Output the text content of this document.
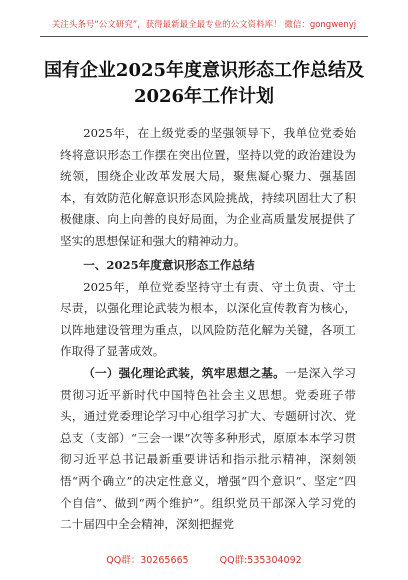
关注头条号“公文研究”，获得最新最全最专业的公文资料库！ 微信：gongwenyj
国有企业2025年度意识形态工作总结及
2026年工作计划

2025年，在上级党委的坚强领导下，我单位党委始终将意识形态工作摆在突出位置，坚持以党的政治建设为统领，围绕企业改革发展大局，聚焦凝心聚力、强基固本，有效防范化解意识形态风险挑战，持续巩固壮大了积极健康、向上向善的良好局面，为企业高质量发展提供了坚实的思想保证和强大的精神动力。

一、2025年度意识形态工作总结

2025年，单位党委坚持守土有责、守土负责、守土尽责，以强化理论武装为根本，以深化宣传教育为核心，以阵地建设管理为重点，以风险防范化解为关键，各项工作取得了显著成效。

（一）强化理论武装，筑牢思想之基。一是深入学习贯彻习近平新时代中国特色社会主义思想。党委班子带头，通过党委理论学习中心组学习扩大、专题研讨次、党总支（支部）“三会一课”次等多种形式，原原本本学习贯彻习近平总书记最新重要讲话和指示批示精神，深刻领悟“两个确立”的决定性意义，增强“四个意识”、坚定“四个自信”、做到“两个维护”。组织党员干部深入学习党的二十届四中全会精神，深刻把握党

QQ群：30265665	QQ群:535304092
